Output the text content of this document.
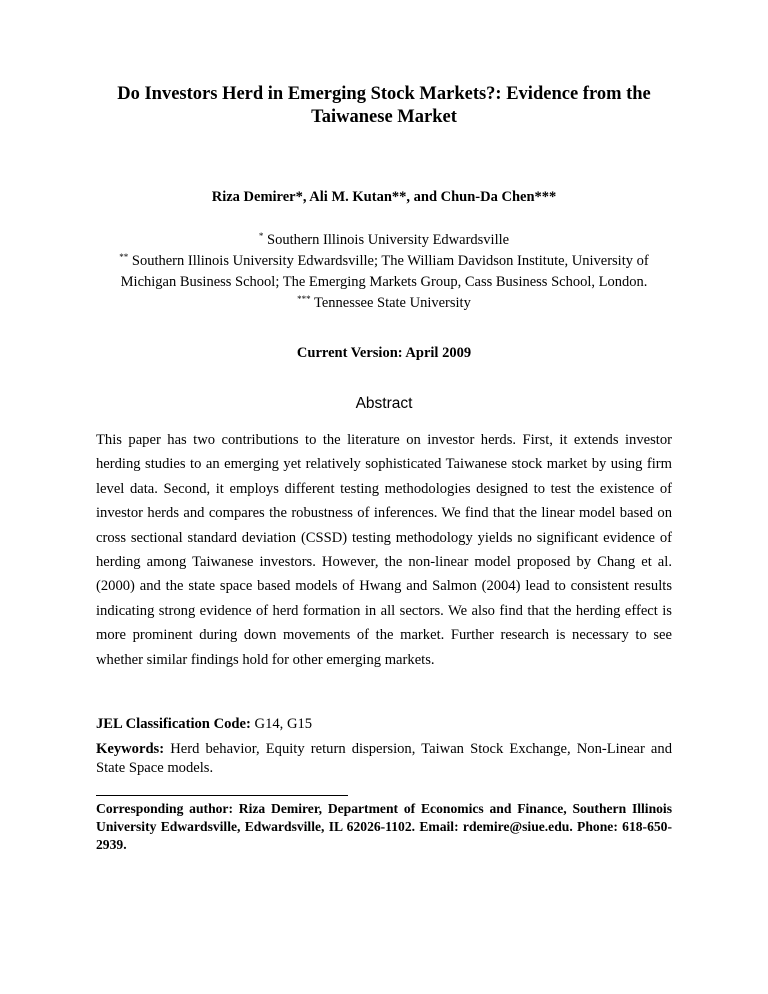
Do Investors Herd in Emerging Stock Markets?: Evidence from the
Taiwanese Market
Riza Demirer*, Ali M. Kutan**, and Chun-Da Chen***
* Southern Illinois University Edwardsville
** Southern Illinois University Edwardsville; The William Davidson Institute, University of
Michigan Business School; The Emerging Markets Group, Cass Business School, London.
*** Tennessee State University
Current Version: April 2009
Abstract
This paper has two contributions to the literature on investor herds. First, it extends investor
herding studies to an emerging yet relatively sophisticated Taiwanese stock market by using firm
level data. Second, it employs different testing methodologies designed to test the existence of
investor herds and compares the robustness of inferences. We find that the linear model based on
cross sectional standard deviation (CSSD) testing methodology yields no significant evidence of
herding among Taiwanese investors. However, the non-linear model proposed by Chang et al.
(2000) and the state space based models of Hwang and Salmon (2004) lead to consistent results
indicating strong evidence of herd formation in all sectors. We also find that the herding effect is
more prominent during down movements of the market. Further research is necessary to see
whether similar findings hold for other emerging markets.
JEL Classification Code: G14, G15
Keywords: Herd behavior, Equity return dispersion, Taiwan Stock Exchange, Non-Linear and State Space models.
Corresponding author: Riza Demirer, Department of Economics and Finance, Southern Illinois University Edwardsville, Edwardsville, IL 62026-1102. Email: rdemire@siue.edu. Phone: 618-650-2939.
